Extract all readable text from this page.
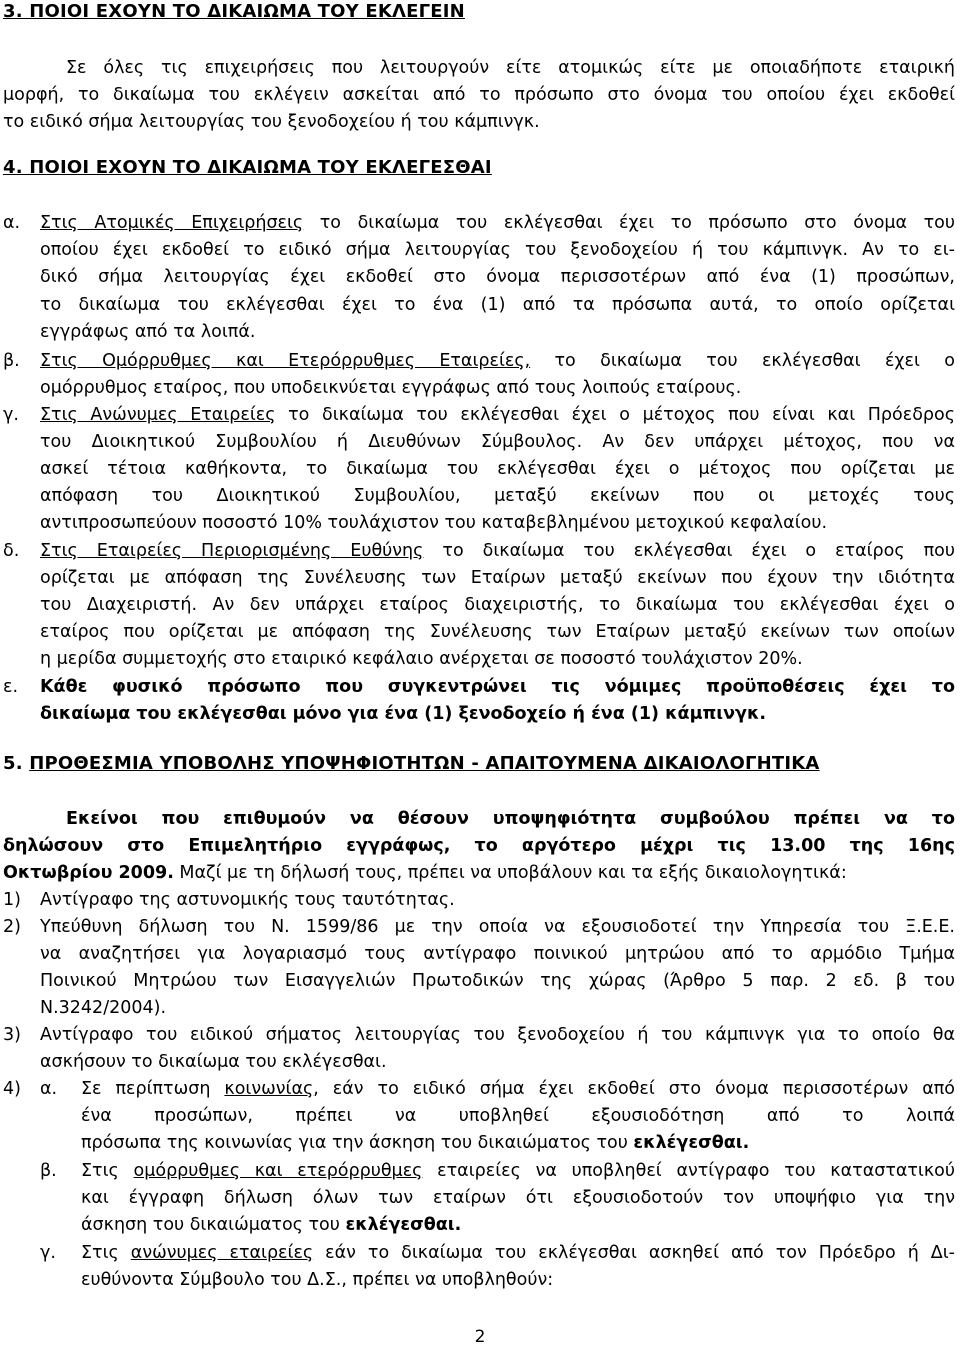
3. ΠΟΙΟΙ ΕΧΟΥΝ ΤΟ ΔΙΚΑΙΩΜΑ ΤΟΥ ΕΚΛΕΓΕΙΝ
Σε όλες τις επιχειρήσεις που λειτουργούν είτε ατομικώς είτε με οποιαδήποτε εταιρική
μορφή, το δικαίωμα του εκλέγειν ασκείται από το πρόσωπο στο όνομα του οποίου έχει εκδοθεί
το ειδικό σήμα λειτουργίας του ξενοδοχείου ή του κάμπινγκ.
4. ΠΟΙΟΙ ΕΧΟΥΝ ΤΟ ΔΙΚΑΙΩΜΑ ΤΟΥ ΕΚΛΕΓΕΣΘΑΙ
α. Στις Ατομικές Επιχειρήσεις το δικαίωμα του εκλέγεσθαι έχει το πρόσωπο στο όνομα του
οποίου έχει εκδοθεί το ειδικό σήμα λειτουργίας του ξενοδοχείου ή του κάμπινγκ. Αν το ει-
δικό σήμα λειτουργίας έχει εκδοθεί στο όνομα περισσοτέρων από ένα (1) προσώπων,
το δικαίωμα του εκλέγεσθαι έχει το ένα (1) από τα πρόσωπα αυτά, το οποίο ορίζεται
εγγράφως από τα λοιπά.
β. Στις Ομόρρυθμες και Ετερόρρυθμες Εταιρείες, το δικαίωμα του εκλέγεσθαι έχει ο
ομόρρυθμος εταίρος, που υποδεικνύεται εγγράφως από τους λοιπούς εταίρους.
γ. Στις Ανώνυμες Εταιρείες το δικαίωμα του εκλέγεσθαι έχει ο μέτοχος που είναι και Πρόεδρος
του Διοικητικού Συμβουλίου ή Διευθύνων Σύμβουλος. Αν δεν υπάρχει μέτοχος, που να
ασκεί τέτοια καθήκοντα, το δικαίωμα του εκλέγεσθαι έχει ο μέτοχος που ορίζεται με
απόφαση του Διοικητικού Συμβουλίου, μεταξύ εκείνων που οι μετοχές τους
αντιπροσωπεύουν ποσοστό 10% τουλάχιστον του καταβεβλημένου μετοχικού κεφαλαίου.
δ. Στις Εταιρείες Περιορισμένης Ευθύνης το δικαίωμα του εκλέγεσθαι έχει ο εταίρος που
ορίζεται με απόφαση της Συνέλευσης των Εταίρων μεταξύ εκείνων που έχουν την ιδιότητα
του Διαχειριστή. Αν δεν υπάρχει εταίρος διαχειριστής, το δικαίωμα του εκλέγεσθαι έχει ο
εταίρος που ορίζεται με απόφαση της Συνέλευσης των Εταίρων μεταξύ εκείνων των οποίων
η μερίδα συμμετοχής στο εταιρικό κεφάλαιο ανέρχεται σε ποσοστό τουλάχιστον 20%.
ε. Κάθε φυσικό πρόσωπο που συγκεντρώνει τις νόμιμες προϋποθέσεις έχει το
δικαίωμα του εκλέγεσθαι μόνο για ένα (1) ξενοδοχείο ή ένα (1) κάμπινγκ.
5. ΠΡΟΘΕΣΜΙΑ ΥΠΟΒΟΛΗΣ ΥΠΟΨΗΦΙΟΤΗΤΩΝ - ΑΠΑΙΤΟΥΜΕΝΑ ΔΙΚΑΙΟΛΟΓΗΤΙΚΑ
Εκείνοι που επιθυμούν να θέσουν υποψηφιότητα συμβούλου πρέπει να το
δηλώσουν στο Επιμελητήριο εγγράφως, το αργότερο μέχρι τις 13.00 της 16ης
Οκτωβρίου 2009. Μαζί με τη δήλωσή τους, πρέπει να υποβάλουν και τα εξής δικαιολογητικά:
1) Αντίγραφο της αστυνομικής τους ταυτότητας.
2) Υπεύθυνη δήλωση του Ν. 1599/86 με την οποία να εξουσιοδοτεί την Υπηρεσία του Ξ.Ε.Ε.
να αναζητήσει για λογαριασμό τους αντίγραφο ποινικού μητρώου από το αρμόδιο Τμήμα
Ποινικού Μητρώου των Εισαγγελιών Πρωτοδικών της χώρας (Άρθρο 5 παρ. 2 εδ. β του
Ν.3242/2004).
3) Αντίγραφο του ειδικού σήματος λειτουργίας του ξενοδοχείου ή του κάμπινγκ για το οποίο θα
ασκήσουν το δικαίωμα του εκλέγεσθαι.
4) α. Σε περίπτωση κοινωνίας, εάν το ειδικό σήμα έχει εκδοθεί στο όνομα περισσοτέρων από
ένα προσώπων, πρέπει να υποβληθεί εξουσιοδότηση από το λοιπά
πρόσωπα της κοινωνίας για την άσκηση του δικαιώματος του εκλέγεσθαι.
β. Στις ομόρρυθμες και ετερόρρυθμες εταιρείες να υποβληθεί αντίγραφο του καταστατικού
και έγγραφη δήλωση όλων των εταίρων ότι εξουσιοδοτούν τον υποψήφιο για την
άσκηση του δικαιώματος του εκλέγεσθαι.
γ. Στις ανώνυμες εταιρείες εάν το δικαίωμα του εκλέγεσθαι ασκηθεί από τον Πρόεδρο ή Δι-
ευθύνοντα Σύμβουλο του Δ.Σ., πρέπει να υποβληθούν:
2
